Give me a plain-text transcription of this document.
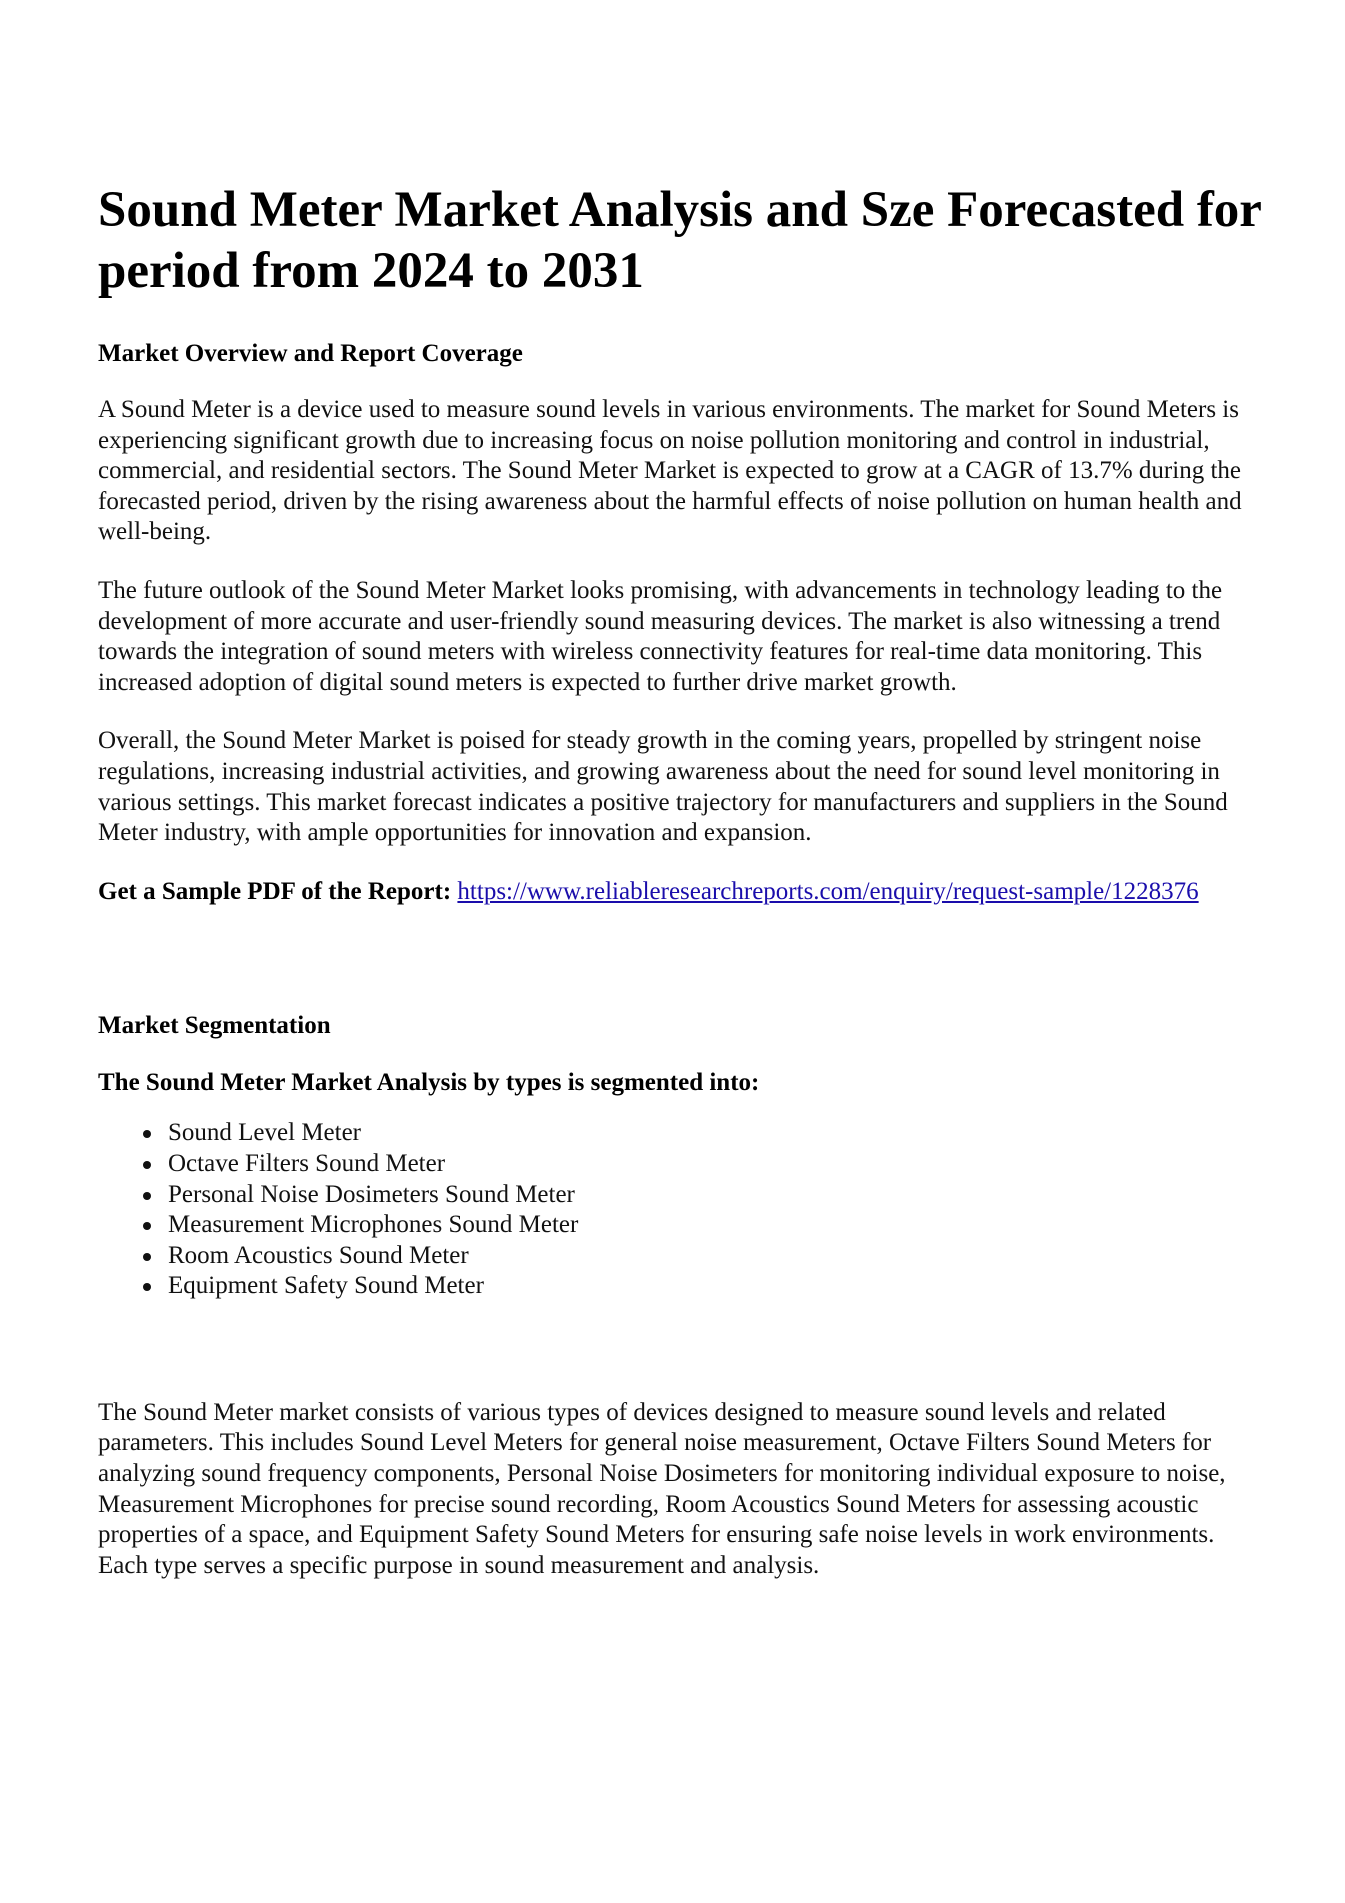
Sound Meter Market Analysis and Sze Forecasted for period from 2024 to 2031
Market Overview and Report Coverage

A Sound Meter is a device used to measure sound levels in various environments. The market for Sound Meters is experiencing significant growth due to increasing focus on noise pollution monitoring and control in industrial, commercial, and residential sectors. The Sound Meter Market is expected to grow at a CAGR of 13.7% during the forecasted period, driven by the rising awareness about the harmful effects of noise pollution on human health and well-being.

The future outlook of the Sound Meter Market looks promising, with advancements in technology leading to the development of more accurate and user-friendly sound measuring devices. The market is also witnessing a trend towards the integration of sound meters with wireless connectivity features for real-time data monitoring. This increased adoption of digital sound meters is expected to further drive market growth.

Overall, the Sound Meter Market is poised for steady growth in the coming years, propelled by stringent noise regulations, increasing industrial activities, and growing awareness about the need for sound level monitoring in various settings. This market forecast indicates a positive trajectory for manufacturers and suppliers in the Sound Meter industry, with ample opportunities for innovation and expansion.

Get a Sample PDF of the Report: https://www.reliableresearchreports.com/enquiry/request-sample/1228376

Market Segmentation
The Sound Meter Market Analysis by types is segmented into:
Sound Level Meter
Octave Filters Sound Meter
Personal Noise Dosimeters Sound Meter
Measurement Microphones Sound Meter
Room Acoustics Sound Meter
Equipment Safety Sound Meter

The Sound Meter market consists of various types of devices designed to measure sound levels and related parameters. This includes Sound Level Meters for general noise measurement, Octave Filters Sound Meters for analyzing sound frequency components, Personal Noise Dosimeters for monitoring individual exposure to noise, Measurement Microphones for precise sound recording, Room Acoustics Sound Meters for assessing acoustic properties of a space, and Equipment Safety Sound Meters for ensuring safe noise levels in work environments. Each type serves a specific purpose in sound measurement and analysis.
